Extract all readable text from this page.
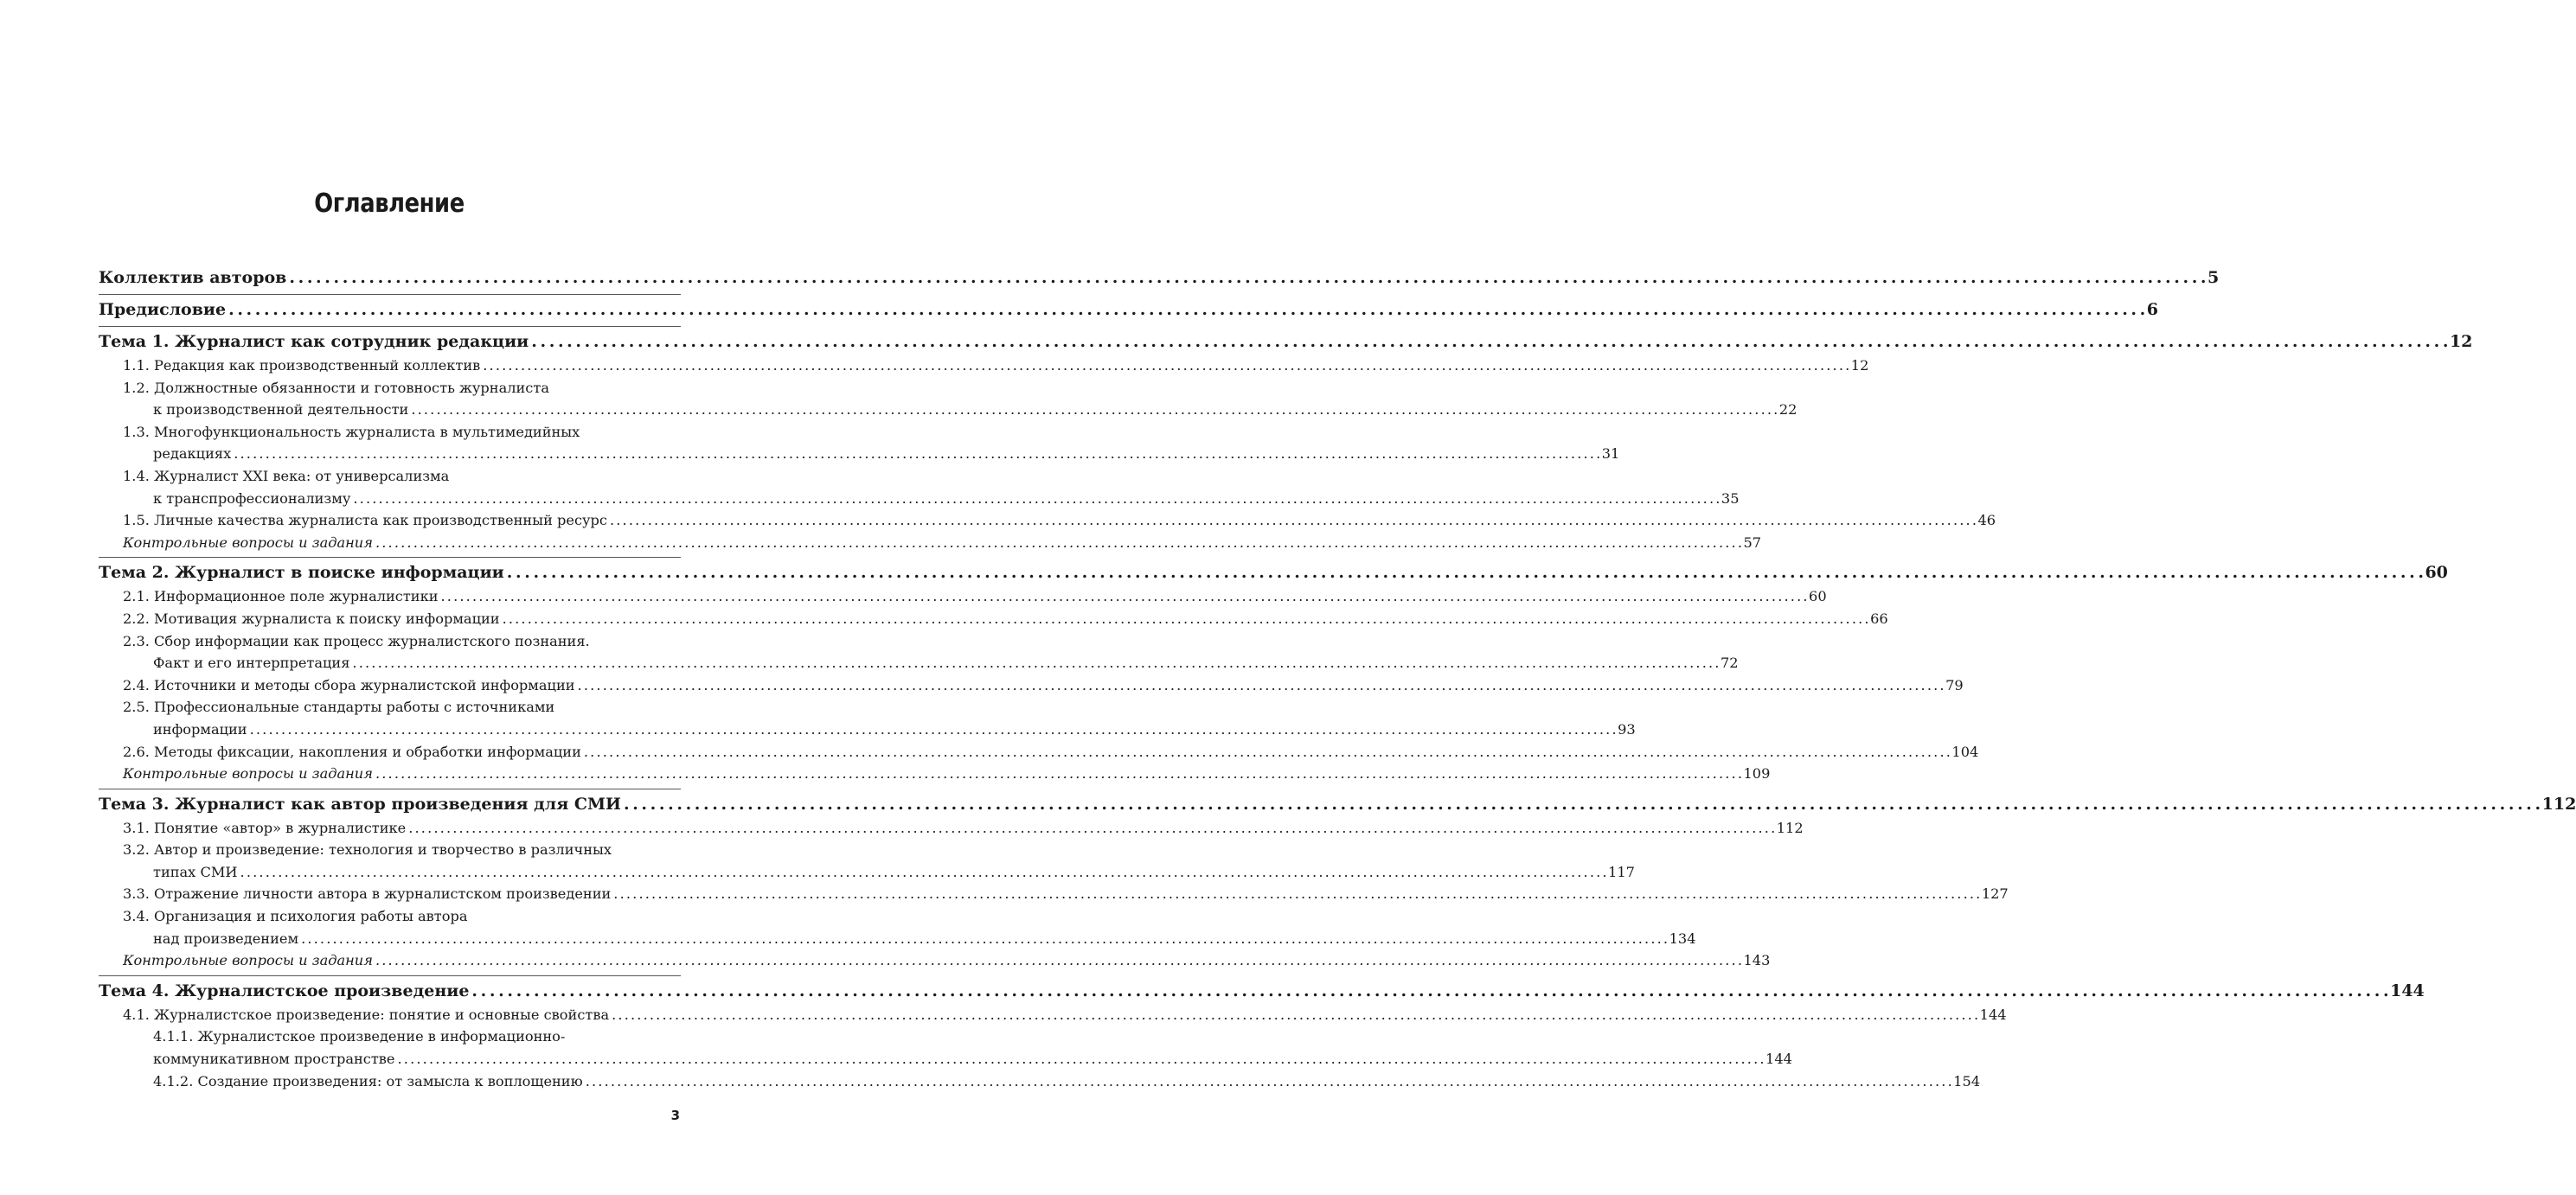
Оглавление
Коллектив авторов . . .	5
Предисловие . . .	6
Тема 1. Журналист как сотрудник редакции . . .	12
1.1. Редакция как производственный коллектив . . .	12
1.2. Должностные обязанности и готовность журналиста
к производственной деятельности . . .	22
1.3. Многофункциональность журналиста в мультимедийных
редакциях . . .	31
1.4. Журналист XXI века: от универсализма
к транспрофессионализму . . .	35
1.5. Личные качества журналиста как производственный ресурс . . .	46
Контрольные вопросы и задания . . .	57
Тема 2. Журналист в поиске информации . . .	60
2.1. Информационное поле журналистики . . .	60
2.2. Мотивация журналиста к поиску информации . . .	66
2.3. Сбор информации как процесс журналистского познания.
Факт и его интерпретация . . .	72
2.4. Источники и методы сбора журналистской информации . . .	79
2.5. Профессиональные стандарты работы с источниками
информации . . .	93
2.6. Методы фиксации, накопления и обработки информации . . .	104
Контрольные вопросы и задания . . .	109
Тема 3. Журналист как автор произведения для СМИ . . .	112
3.1. Понятие «автор» в журналистике . . .	112
3.2. Автор и произведение: технология и творчество в различных
типах СМИ . . .	117
3.3. Отражение личности автора в журналистском произведении . . .	127
3.4. Организация и психология работы автора
над произведением . . .	134
Контрольные вопросы и задания . . .	143
Тема 4. Журналистское произведение . . .	144
4.1. Журналистское произведение: понятие и основные свойства . . .	144
4.1.1. Журналистское произведение в информационно-
коммуникативном пространстве . . .	144
4.1.2. Создание произведения: от замысла к воплощению . . .	154
3
